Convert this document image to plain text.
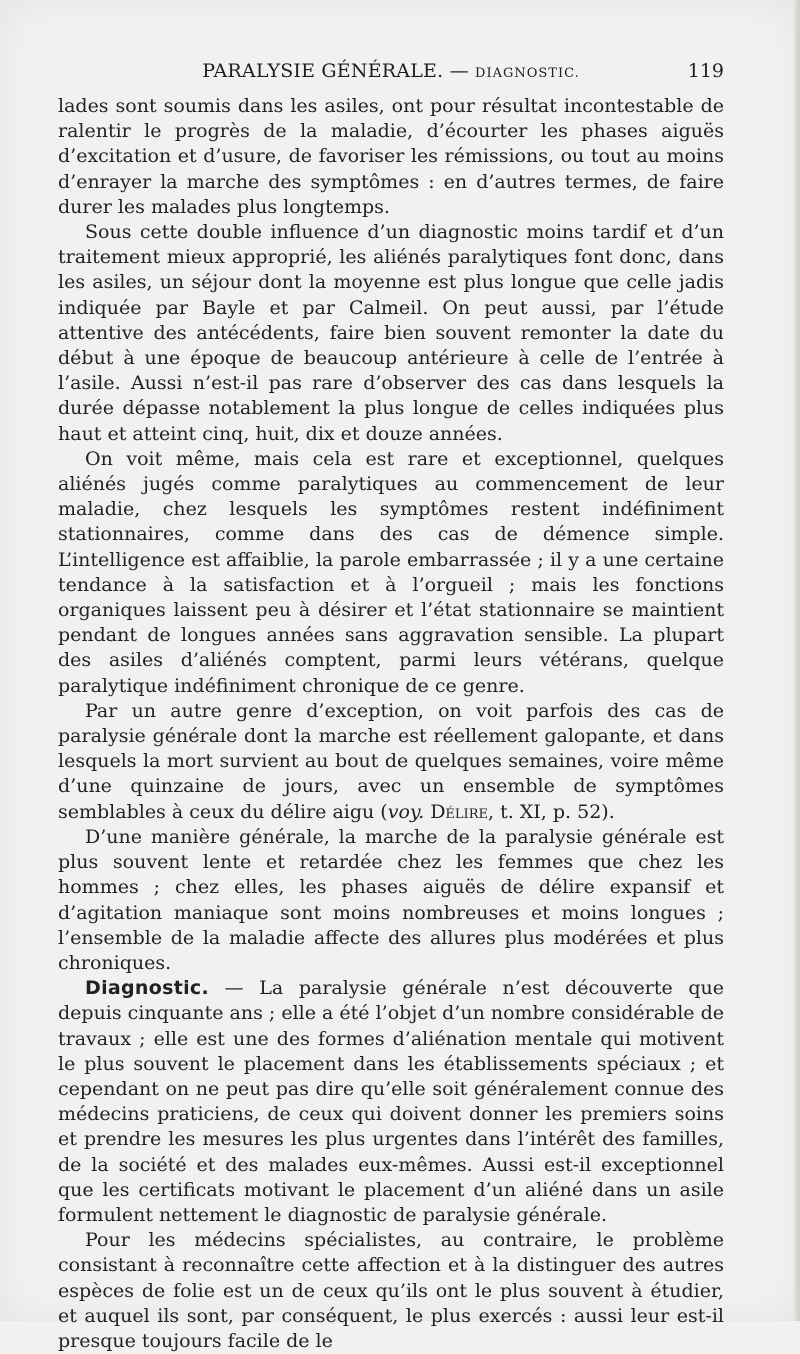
PARALYSIE GÉNÉRALE. — DIAGNOSTIC.	119

lades sont soumis dans les asiles, ont pour résultat incontestable de ralentir le progrès de la maladie, d’écourter les phases aiguës d’excitation et d’usure, de favoriser les rémissions, ou tout au moins d’enrayer la marche des symptômes : en d’autres termes, de faire durer les malades plus longtemps.

Sous cette double influence d’un diagnostic moins tardif et d’un traitement mieux approprié, les aliénés paralytiques font donc, dans les asiles, un séjour dont la moyenne est plus longue que celle jadis indiquée par Bayle et par Calmeil. On peut aussi, par l’étude attentive des antécédents, faire bien souvent remonter la date du début à une époque de beaucoup antérieure à celle de l’entrée à l’asile. Aussi n’est-il pas rare d’observer des cas dans lesquels la durée dépasse notablement la plus longue de celles indiquées plus haut et atteint cinq, huit, dix et douze années.

On voit même, mais cela est rare et exceptionnel, quelques aliénés jugés comme paralytiques au commencement de leur maladie, chez lesquels les symptômes restent indéfiniment stationnaires, comme dans des cas de démence simple. L’intelligence est affaiblie, la parole embarrassée ; il y a une certaine tendance à la satisfaction et à l’orgueil ; mais les fonctions organiques laissent peu à désirer et l’état stationnaire se maintient pendant de longues années sans aggravation sensible. La plupart des asiles d’aliénés comptent, parmi leurs vétérans, quelque paralytique indéfiniment chronique de ce genre.

Par un autre genre d’exception, on voit parfois des cas de paralysie générale dont la marche est réellement galopante, et dans lesquels la mort survient au bout de quelques semaines, voire même d’une quinzaine de jours, avec un ensemble de symptômes semblables à ceux du délire aigu (voy. Délire, t. XI, p. 52).

D’une manière générale, la marche de la paralysie générale est plus souvent lente et retardée chez les femmes que chez les hommes ; chez elles, les phases aiguës de délire expansif et d’agitation maniaque sont moins nombreuses et moins longues ; l’ensemble de la maladie affecte des allures plus modérées et plus chroniques.

Diagnostic. — La paralysie générale n’est découverte que depuis cinquante ans ; elle a été l’objet d’un nombre considérable de travaux ; elle est une des formes d’aliénation mentale qui motivent le plus souvent le placement dans les établissements spéciaux ; et cependant on ne peut pas dire qu’elle soit généralement connue des médecins praticiens, de ceux qui doivent donner les premiers soins et prendre les mesures les plus urgentes dans l’intérêt des familles, de la société et des malades eux-mêmes. Aussi est-il exceptionnel que les certificats motivant le placement d’un aliéné dans un asile formulent nettement le diagnostic de paralysie générale.

Pour les médecins spécialistes, au contraire, le problème consistant à reconnaître cette affection et à la distinguer des autres espèces de folie est un de ceux qu’ils ont le plus souvent à étudier, et auquel ils sont, par conséquent, le plus exercés : aussi leur est-il presque toujours facile de le
